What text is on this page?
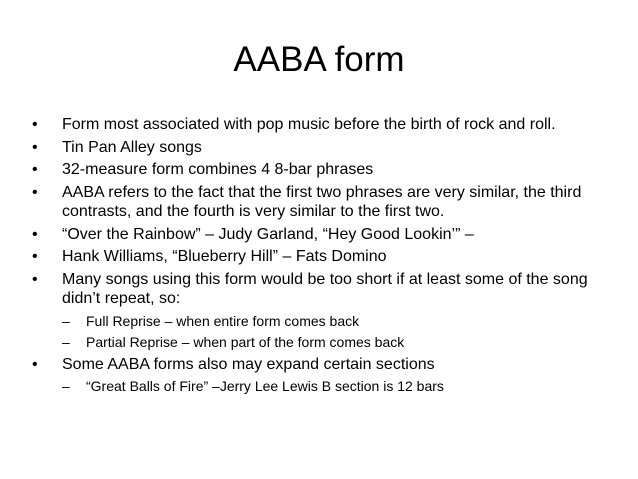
AABA form
•	Form most associated with pop music before the birth of rock and roll.
•	Tin Pan Alley songs
•	32-measure form combines 4 8-bar phrases
•	AABA refers to the fact that the first two phrases are very similar, the third contrasts, and the fourth is very similar to the first two.
•	“Over the Rainbow” – Judy Garland, “Hey Good Lookin’” –
•	Hank Williams, “Blueberry Hill” – Fats Domino
•	Many songs using this form would be too short if at least some of the song didn’t repeat, so:
–	Full Reprise – when entire form comes back
–	Partial Reprise – when part of the form comes back
•	Some AABA forms also may expand certain sections
–	“Great Balls of Fire” –Jerry Lee Lewis B section is 12 bars
